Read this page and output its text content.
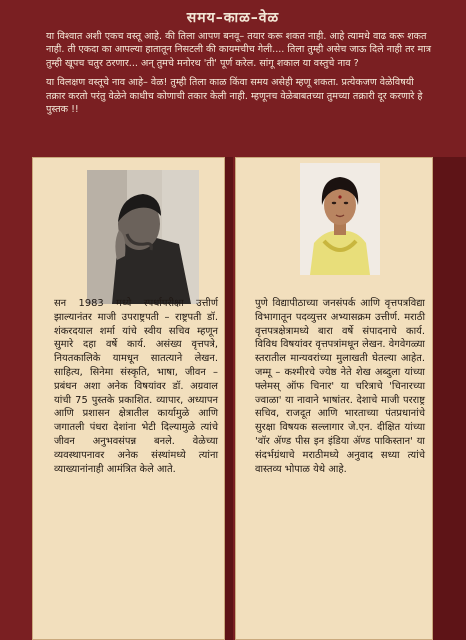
समय–काळ–वेळ

या विश्वात अशी एकच वस्तू आहे. की तिला आपण बनवू– तयार करू शकत नाही. आहे त्यामधे वाढ करू शकत नाही. ती एकदा का आपल्या हातातून निसटली की कायमचीच गेली.... तिला तुम्ही असेच जाऊ दिले नाही तर मात्र तुम्ही खूपच चतुर ठरणार... अन् तुमचे मनोरथ 'ती' पूर्ण करेल. सांगू शकाल या वस्तुचे नाव ?

या विलक्षण वस्तूचे नाव आहे– वेळ! तुम्ही तिला काळ किंवा समय असेही म्हणू शकता. प्रत्येकजण वेळेविषयी तक्रार करतो परंतु वेळेने काधीच कोणाची तकार केली नाही. म्हणूनच वेळेबाबतच्या तुमच्या तक्रारी दूर करणारे हे पुस्तक !!

सन 1983 मध्ये स्पर्धापरीक्षा उत्तीर्ण झाल्यानंतर माजी उपराष्ट्रपती – राष्ट्रपती डॉ. शंकरदयाल शर्मा यांचे स्वीय सचिव म्हणून सुमारे दहा वर्षे कार्य. असंख्य वृत्तपत्रे, नियतकालिके यामधून सातत्याने लेखन. साहित्य, सिनेमा संस्कृति, भाषा, जीवन –प्रबंधन अशा अनेक विषयांवर डॉ. अग्रवाल यांची 75 पुस्तके प्रकाशित. व्यापार, अध्यापन आणि प्रशासन क्षेत्रातील कार्यामुळे आणि जगातली पंधरा देशांना भेटी दिल्यामुळे त्यांचे जीवन अनुभवसंपन्न बनले. वेळेच्या व्यवस्थापनावर अनेक संस्थांमध्ये त्यांना व्याख्यानांनाही आमंत्रित केले आते.
पुणे विद्यापीठाच्या जनसंपर्क आणि वृत्तपत्रविद्या विभागातून पदव्युत्तर अभ्यासक्रम उत्तीर्ण. मराठी वृत्तपत्रक्षेत्रामध्ये बारा वर्षे संपादनाचे कार्य. विविध विषयांवर वृत्तपत्रांमधून लेखन. वेगवेगळ्या स्तरातील मान्यवरांच्या मुलाखती घेतल्या आहेत. जम्मू – कश्मीरचे ज्येष्ठ नेते शेख अब्दुला यांच्या फ्लेमस् ऑफ चिनार' या चरित्राचे 'चिनारच्या ज्वाळा' या नावाने भाषांतर. देशाचे माजी परराष्ट्र सचिव, राजदूत आणि भारताच्या पंतप्रधानांचे सुरक्षा विषयक सल्लागार जे.एन. दीक्षित यांच्या 'वॉर ॲण्ड पीस इन इंडिया ॲण्ड पाकिस्तान' या संदर्भग्रंथाचे मराठीमध्ये अनुवाद सध्या त्यांचे वास्तव्य भोपाळ येथे आहे.
